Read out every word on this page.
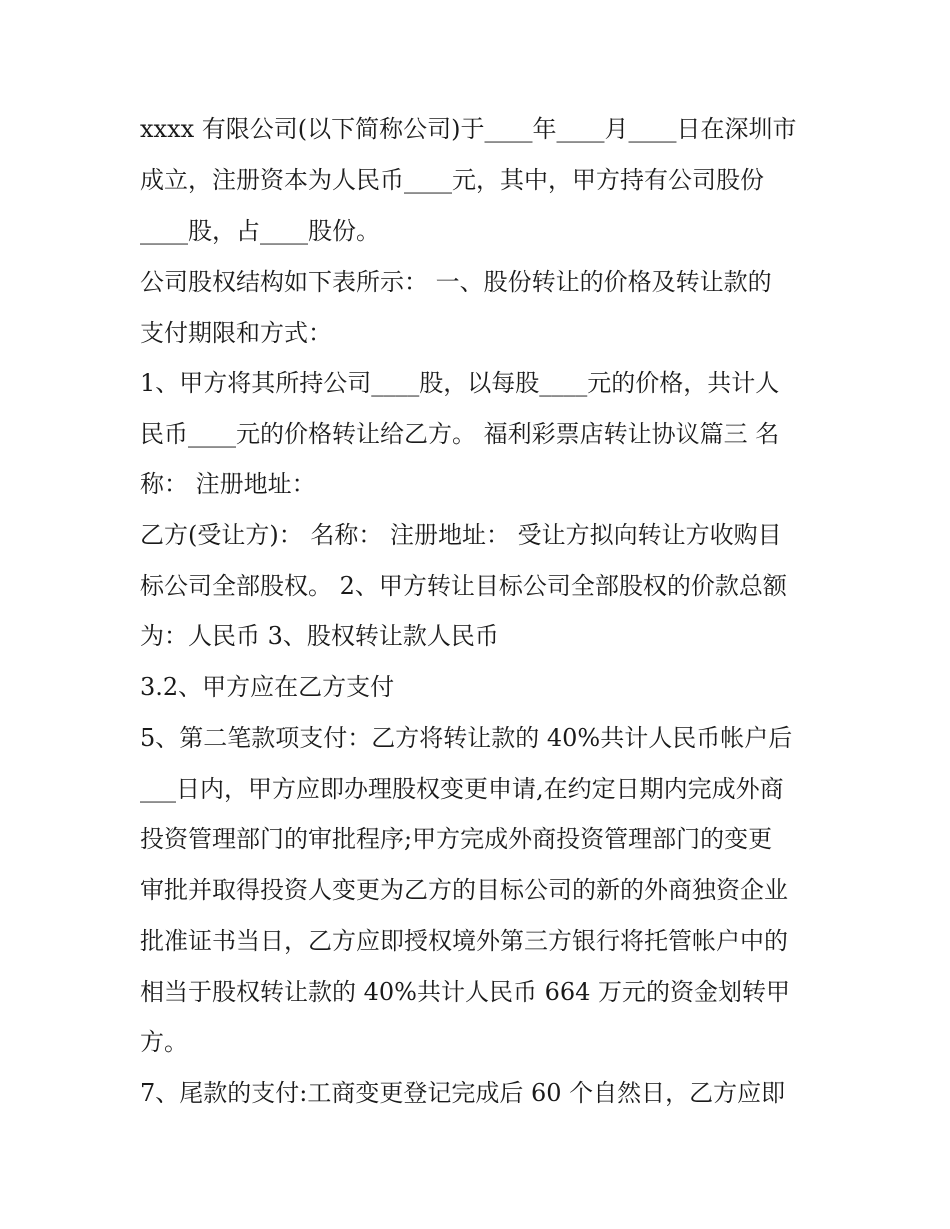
xxxx 有限公司(以下简称公司)于____年____月____日在深圳市

成立，注册资本为人民币____元，其中，甲方持有公司股份

____股，占____股份。

公司股权结构如下表所示： 一、股份转让的价格及转让款的

支付期限和方式：

1、甲方将其所持公司____股，以每股____元的价格，共计人

民币____元的价格转让给乙方。 福利彩票店转让协议篇三 名

称： 注册地址：

乙方(受让方)： 名称： 注册地址： 受让方拟向转让方收购目

标公司全部股权。 2、甲方转让目标公司全部股权的价款总额

为：人民币 3、股权转让款人民币

3.2、甲方应在乙方支付

5、第二笔款项支付：乙方将转让款的 40%共计人民币帐户后

___日内，甲方应即办理股权变更申请,在约定日期内完成外商

投资管理部门的审批程序;甲方完成外商投资管理部门的变更

审批并取得投资人变更为乙方的目标公司的新的外商独资企业

批准证书当日，乙方应即授权境外第三方银行将托管帐户中的

相当于股权转让款的 40%共计人民币 664 万元的资金划转甲

方。

7、尾款的支付:工商变更登记完成后 60 个自然日，乙方应即
